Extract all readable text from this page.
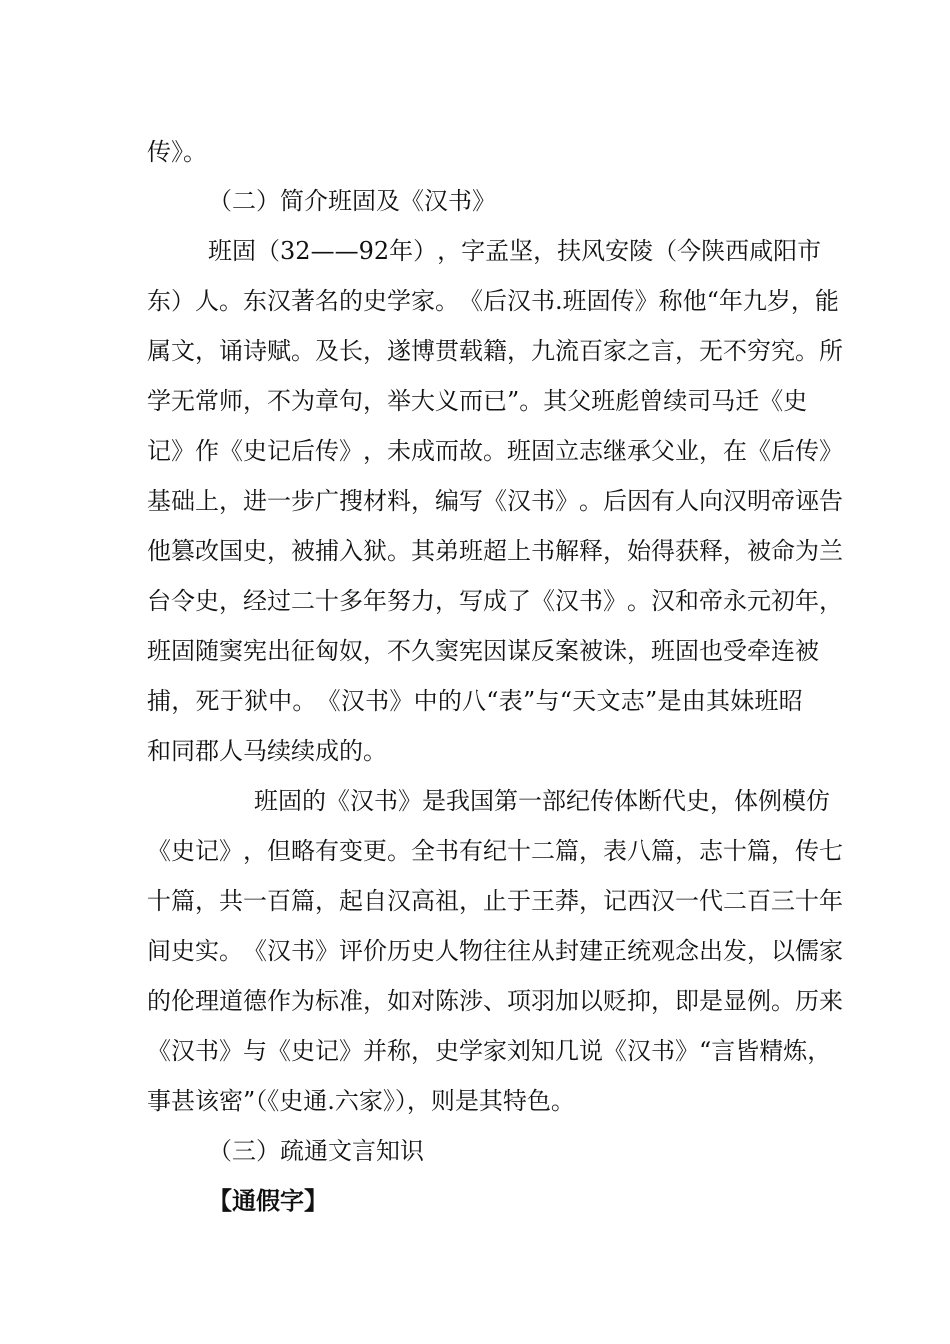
传》。
（二）简介班固及《汉书》
班 固 （ 3 2 — — 9 2 年 ） ， 字 孟 坚 ， 扶 风 安 陵 （ 今 陕 西 咸 阳 市
东 ） 人 。 东 汉 著 名 的 史 学 家 。 《 后 汉 书 . 班 固 传 》 称 他 “ 年 九 岁 ， 能
属 文 ， 诵 诗 赋 。 及 长 ， 遂 博 贯 载 籍 ， 九 流 百 家 之 言 ， 无 不 穷 究 。 所
学 无 常 师 ， 不 为 章 句 ， 举 大 义 而 已 ” 。 其 父 班 彪 曾 续 司 马 迁 《 史
记 》 作 《 史 记 后 传 》 ， 未 成 而 故 。 班 固 立 志 继 承 父 业 ， 在 《 后 传 》
基 础 上 ， 进 一 步 广 搜 材 料 ， 编 写 《 汉 书 》 。 后 因 有 人 向 汉 明 帝 诬 告
他 篡 改 国 史 ， 被 捕 入 狱 。 其 弟 班 超 上 书 解 释 ， 始 得 获 释 ， 被 命 为 兰
台 令 史 ， 经 过 二 十 多 年 努 力 ， 写 成 了 《 汉 书 》 。 汉 和 帝 永 元 初 年 ，
班 固 随 窦 宪 出 征 匈 奴 ， 不 久 窦 宪 因 谋 反 案 被 诛 ， 班 固 也 受 牵 连 被
捕 ， 死 于 狱 中 。 《 汉 书 》 中 的 八 “ 表 ” 与 “ 天 文 志 ” 是 由 其 妹 班 昭
和同郡人马续续成的。
班 固 的 《 汉 书 》 是 我 国 第 一 部 纪 传 体 断 代 史 ， 体 例 模 仿
《 史 记 》 ， 但 略 有 变 更 。 全 书 有 纪 十 二 篇 ， 表 八 篇 ， 志 十 篇 ， 传 七
十 篇 ， 共 一 百 篇 ， 起 自 汉 高 祖 ， 止 于 王 莽 ， 记 西 汉 一 代 二 百 三 十 年
间 史 实 。 《 汉 书 》 评 价 历 史 人 物 往 往 从 封 建 正 统 观 念 出 发 ， 以 儒 家
的 伦 理 道 德 作 为 标 准 ， 如 对 陈 涉 、 项 羽 加 以 贬 抑 ， 即 是 显 例 。 历 来
《 汉 书 》 与 《 史 记 》 并 称 ， 史 学 家 刘 知 几 说 《 汉 书 》 “ 言 皆 精 炼 ，
事甚该密”（《史通.六家》），则是其特色。
（三）疏通文言知识
【通假字】
